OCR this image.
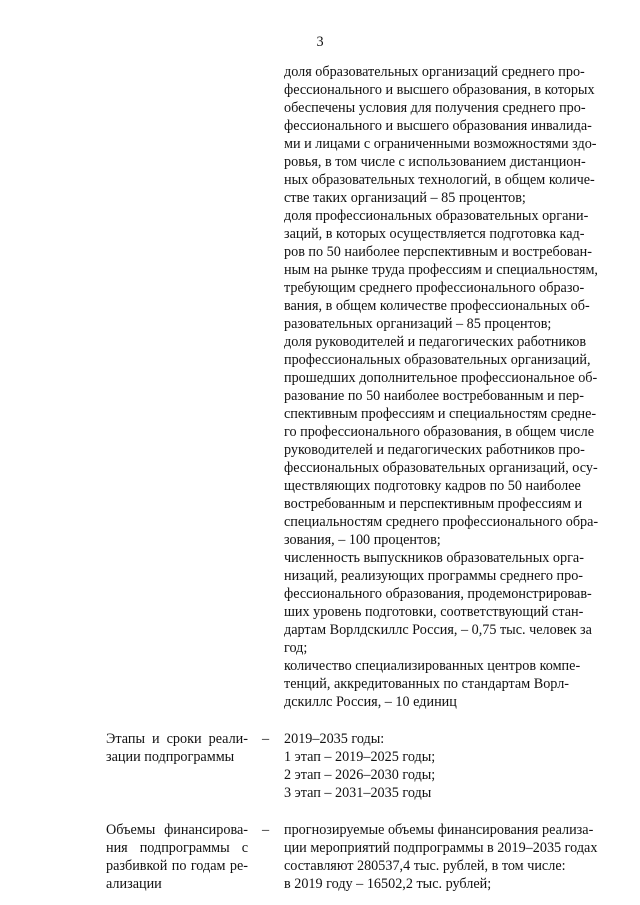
3
доля образовательных организаций среднего про-
фессионального и высшего образования, в которых
обеспечены условия для получения среднего про-
фессионального и высшего образования инвалида-
ми и лицами с ограниченными возможностями здо-
ровья, в том числе с использованием дистанцион-
ных образовательных технологий, в общем количе-
стве таких организаций – 85 процентов;
доля профессиональных образовательных органи-
заций, в которых осуществляется подготовка кад-
ров по 50 наиболее перспективным и востребован-
ным на рынке труда профессиям и специальностям,
требующим среднего профессионального образо-
вания, в общем количестве профессиональных об-
разовательных организаций – 85 процентов;
доля руководителей и педагогических работников
профессиональных образовательных организаций,
прошедших дополнительное профессиональное об-
разование по 50 наиболее востребованным и пер-
спективным профессиям и специальностям средне-
го профессионального образования, в общем числе
руководителей и педагогических работников про-
фессиональных образовательных организаций, осу-
ществляющих подготовку кадров по 50 наиболее
востребованным и перспективным профессиям и
специальностям среднего профессионального обра-
зования, – 100 процентов;
численность выпускников образовательных орга-
низаций, реализующих программы среднего про-
фессионального образования, продемонстрировав-
ших уровень подготовки, соответствующий стан-
дартам Ворлдскиллс Россия, – 0,75 тыс. человек за
год;
количество специализированных центров компе-
тенций, аккредитованных по стандартам Ворл-
дскиллс Россия, – 10 единиц
Этапы и сроки реали-
зации подпрограммы
– 2019–2035 годы:
1 этап – 2019–2025 годы;
2 этап – 2026–2030 годы;
3 этап – 2031–2035 годы
Объемы финансирова-
ния подпрограммы с
разбивкой по годам ре-
ализации
– прогнозируемые объемы финансирования реализа-
ции мероприятий подпрограммы в 2019–2035 годах
составляют 280537,4 тыс. рублей, в том числе:
в 2019 году – 16502,2 тыс. рублей;
